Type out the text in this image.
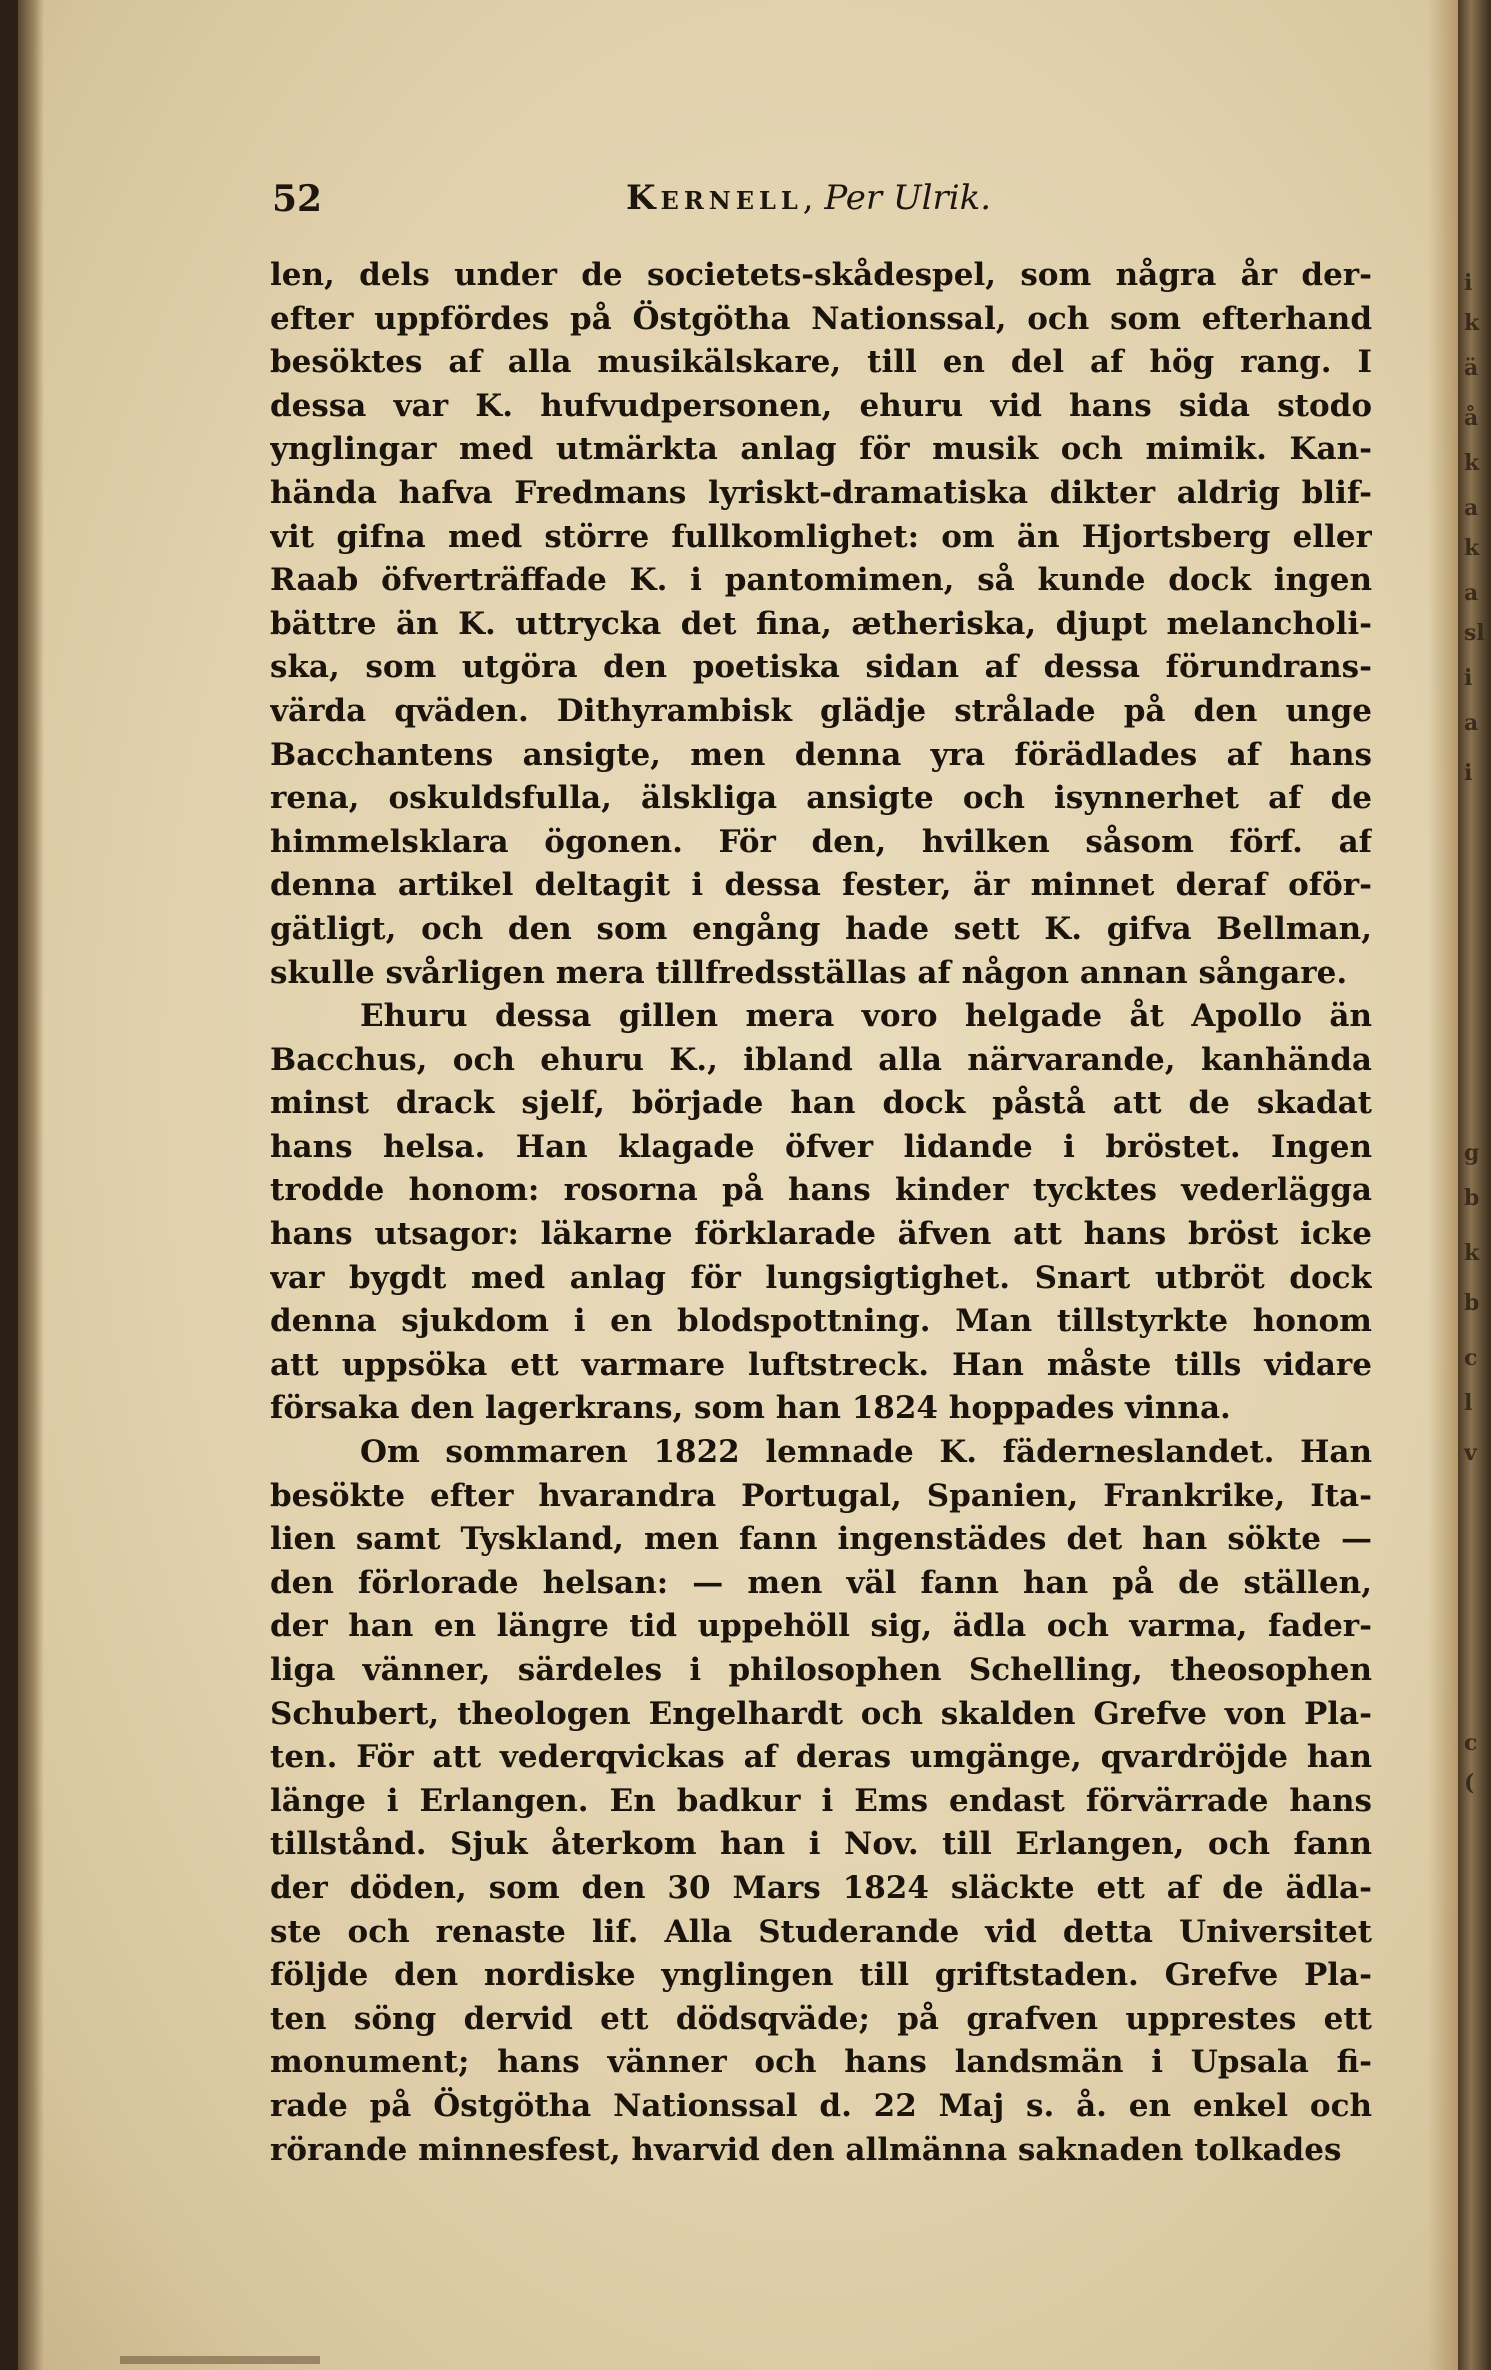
52	Kernell, Per Ulrik.
len, dels under de societets-skådespel, som några år der-
efter uppfördes på Östgötha Nationssal, och som efterhand
besöktes af alla musikälskare, till en del af hög rang. I
dessa var K. hufvudpersonen, ehuru vid hans sida stodo
ynglingar med utmärkta anlag för musik och mimik. Kan-
hända hafva Fredmans lyriskt-dramatiska dikter aldrig blif-
vit gifna med större fullkomlighet: om än Hjortsberg eller
Raab öfverträffade K. i pantomimen, så kunde dock ingen
bättre än K. uttrycka det fina, ætheriska, djupt melancholi-
ska, som utgöra den poetiska sidan af dessa förundrans-
värda qväden. Dithyrambisk glädje strålade på den unge
Bacchantens ansigte, men denna yra förädlades af hans
rena, oskuldsfulla, älskliga ansigte och isynnerhet af de
himmelsklara ögonen. För den, hvilken såsom förf. af
denna artikel deltagit i dessa fester, är minnet deraf oför-
gätligt, och den som engång hade sett K. gifva Bellman,
skulle svårligen mera tillfredsställas af någon annan sångare.
Ehuru dessa gillen mera voro helgade åt Apollo än
Bacchus, och ehuru K., ibland alla närvarande, kanhända
minst drack sjelf, började han dock påstå att de skadat
hans helsa. Han klagade öfver lidande i bröstet. Ingen
trodde honom: rosorna på hans kinder tycktes vederlägga
hans utsagor: läkarne förklarade äfven att hans bröst icke
var bygdt med anlag för lungsigtighet. Snart utbröt dock
denna sjukdom i en blodspottning. Man tillstyrkte honom
att uppsöka ett varmare luftstreck. Han måste tills vidare
försaka den lagerkrans, som han 1824 hoppades vinna.
Om sommaren 1822 lemnade K. fäderneslandet. Han
besökte efter hvarandra Portugal, Spanien, Frankrike, Ita-
lien samt Tyskland, men fann ingenstädes det han sökte —
den förlorade helsan: — men väl fann han på de ställen,
der han en längre tid uppehöll sig, ädla och varma, fader-
liga vänner, särdeles i philosophen Schelling, theosophen
Schubert, theologen Engelhardt och skalden Grefve von Pla-
ten. För att vederqvickas af deras umgänge, qvardröjde han
länge i Erlangen. En badkur i Ems endast förvärrade hans
tillstånd. Sjuk återkom han i Nov. till Erlangen, och fann
der döden, som den 30 Mars 1824 släckte ett af de ädla-
ste och renaste lif. Alla Studerande vid detta Universitet
följde den nordiske ynglingen till griftstaden. Grefve Pla-
ten söng dervid ett dödsqväde; på grafven upprestes ett
monument; hans vänner och hans landsmän i Upsala fi-
rade på Östgötha Nationssal d. 22 Maj s. å. en enkel och
rörande minnesfest, hvarvid den allmänna saknaden tolkades
i
k
ä
å
k
a
k
a
sl
i
a
i
g
b
k
b
c
l
v
c
(
